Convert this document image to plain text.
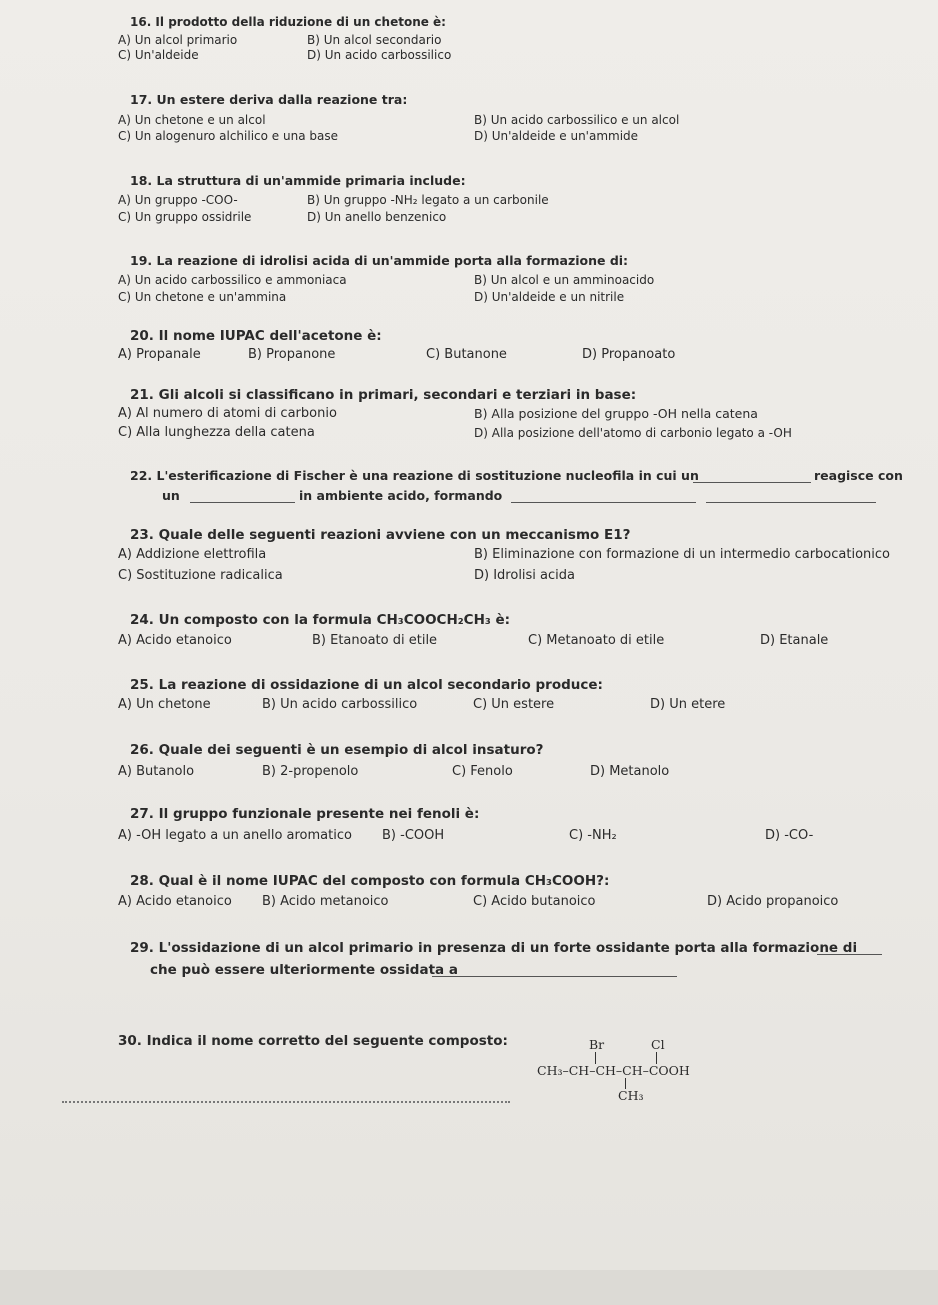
16. Il prodotto della riduzione di un chetone è:
A) Un alcol primario	B) Un alcol secondario
C) Un'aldeide	D) Un acido carbossilico
17. Un estere deriva dalla reazione tra:
A) Un chetone e un alcol	B) Un acido carbossilico e un alcol
C) Un alogenuro alchilico e una base	D) Un'aldeide e un'ammide
18. La struttura di un'ammide primaria include:
A) Un gruppo -COO-	B) Un gruppo -NH₂ legato a un carbonile
C) Un gruppo ossidrile	D) Un anello benzenico
19. La reazione di idrolisi acida di un'ammide porta alla formazione di:
A) Un acido carbossilico e ammoniaca	B) Un alcol e un amminoacido
C) Un chetone e un'ammina	D) Un'aldeide e un nitrile
20. Il nome IUPAC dell'acetone è:
A) Propanale	B) Propanone	C) Butanone	D) Propanoato
21. Gli alcoli si classificano in primari, secondari e terziari in base:
A) Al numero di atomi di carbonio	B) Alla posizione del gruppo -OH nella catena
C) Alla lunghezza della catena	D) Alla posizione dell'atomo di carbonio legato a -OH
22. L'esterificazione di Fischer è una reazione di sostituzione nucleofila in cui un	reagisce con
un	in ambiente acido, formando
23. Quale delle seguenti reazioni avviene con un meccanismo E1?
A) Addizione elettrofila	B) Eliminazione con formazione di un intermedio carbocationico
C) Sostituzione radicalica	D) Idrolisi acida
24. Un composto con la formula CH₃COOCH₂CH₃ è:
A) Acido etanoico	B) Etanoato di etile	C) Metanoato di etile	D) Etanale
25. La reazione di ossidazione di un alcol secondario produce:
A) Un chetone	B) Un acido carbossilico	C) Un estere	D) Un etere
26. Quale dei seguenti è un esempio di alcol insaturo?
A) Butanolo	B) 2-propenolo	C) Fenolo	D) Metanolo
27. Il gruppo funzionale presente nei fenoli è:
A) -OH legato a un anello aromatico B) -COOH	C) -NH₂	D) -CO-
28. Qual è il nome IUPAC del composto con formula CH₃COOH?:
A) Acido etanoico B) Acido metanoico	C) Acido butanoico	D) Acido propanoico
29. L'ossidazione di un alcol primario in presenza di un forte ossidante porta alla formazione di
che può essere ulteriormente ossidata a
30. Indica il nome corretto del seguente composto:	Br	Cl
CH₃–CH–CH–CH–COOH
CH₃
